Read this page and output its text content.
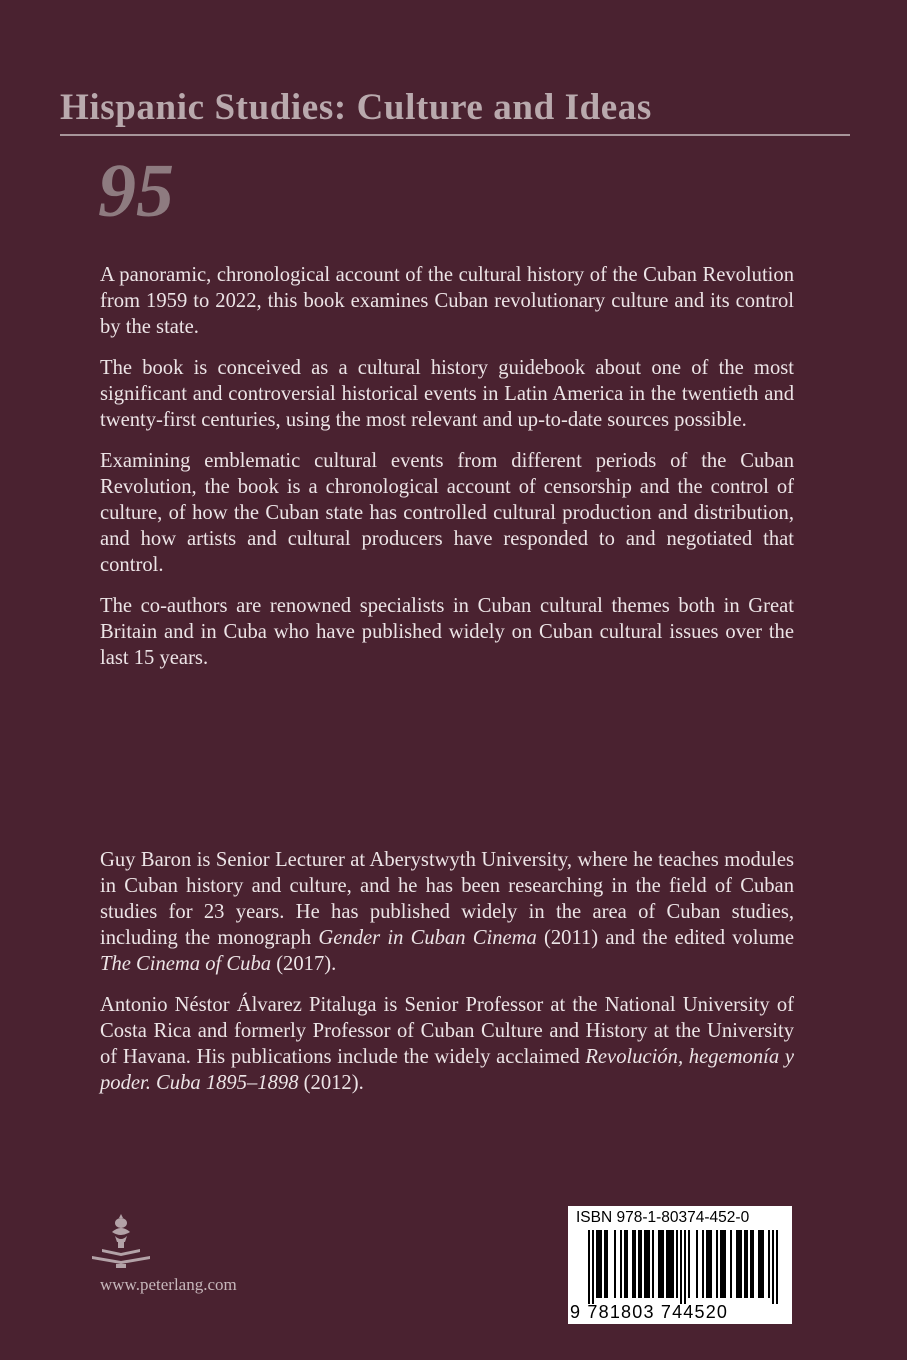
Hispanic Studies: Culture and Ideas
95

A panoramic, chronological account of the cultural history of the Cuban Revolution from 1959 to 2022, this book examines Cuban revolutionary culture and its control by the state.

The book is conceived as a cultural history guidebook about one of the most significant and controversial historical events in Latin America in the twentieth and twenty-first centuries, using the most relevant and up-to-date sources possible.

Examining emblematic cultural events from different periods of the Cuban Revolution, the book is a chronological account of censorship and the control of culture, of how the Cuban state has controlled cultural production and distribution, and how artists and cultural producers have responded to and negotiated that control.

The co-authors are renowned specialists in Cuban cultural themes both in Great Britain and in Cuba who have published widely on Cuban cultural issues over the last 15 years.

Guy Baron is Senior Lecturer at Aberystwyth University, where he teaches modules in Cuban history and culture, and he has been researching in the field of Cuban studies for 23 years. He has published widely in the area of Cuban studies, including the monograph Gender in Cuban Cinema (2011) and the edited volume The Cinema of Cuba (2017).

Antonio Néstor Álvarez Pitaluga is Senior Professor at the National University of Costa Rica and formerly Professor of Cuban Culture and History at the University of Havana. His publications include the widely acclaimed Revolución, hegemonía y poder. Cuba 1895–1898 (2012).

www.peterlang.com
ISBN 978-1-80374-452-0
9 781803 744520
